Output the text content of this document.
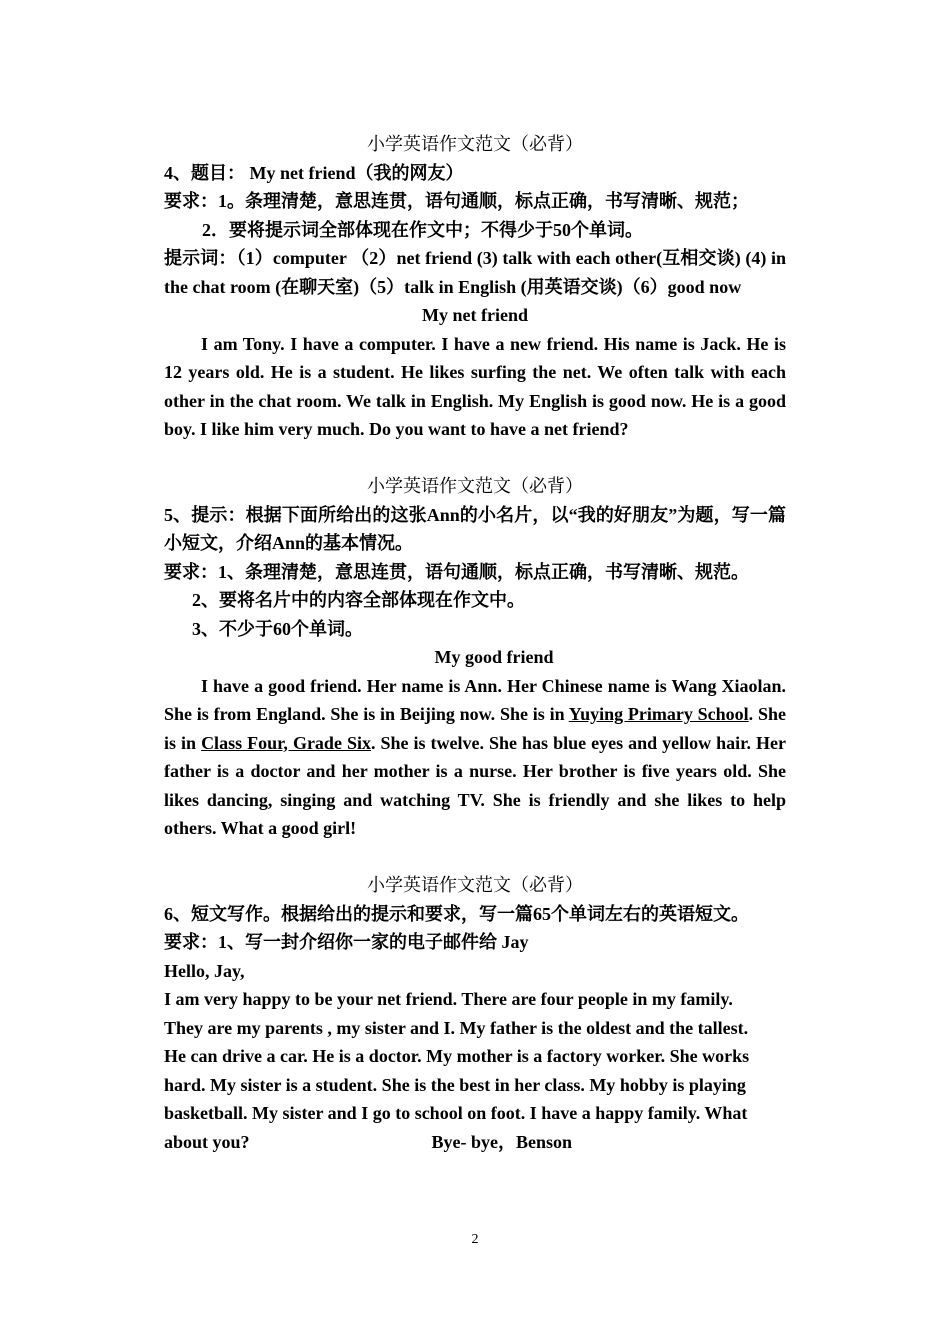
小学英语作文范文（必背）
4、题目： My net friend（我的网友）
要求：1。条理清楚，意思连贯，语句通顺，标点正确，书写清晰、规范；
2．要将提示词全部体现在作文中；不得少于50个单词。
提示词：（1）computer （2）net friend (3) talk with each other(互相交谈) (4) in the chat room (在聊天室)（5）talk in English (用英语交谈)（6）good now
My net friend
I am Tony. I have a computer. I have a new friend. His name is Jack. He is 12 years old. He is a student. He likes surfing the net. We often talk with each other in the chat room. We talk in English. My English is good now. He is a good boy. I like him very much. Do you want to have a net friend?
小学英语作文范文（必背）
5、提示：根据下面所给出的这张Ann的小名片，以“我的好朋友”为题，写一篇小短文，介绍Ann的基本情况。
要求：1、条理清楚，意思连贯，语句通顺，标点正确，书写清晰、规范。
2、要将名片中的内容全部体现在作文中。
3、不少于60个单词。
My good friend
I have a good friend. Her name is Ann. Her Chinese name is Wang Xiaolan. She is from England. She is in Beijing now. She is in Yuying Primary School. She is in Class Four, Grade Six. She is twelve. She has blue eyes and yellow hair. Her father is a doctor and her mother is a nurse. Her brother is five years old. She likes dancing, singing and watching TV. She is friendly and she likes to help others. What a good girl!
小学英语作文范文（必背）
6、短文写作。根据给出的提示和要求，写一篇65个单词左右的英语短文。
要求：1、写一封介绍你一家的电子邮件给 Jay
Hello, Jay,
I am very happy to be your net friend. There are four people in my family.
They are my parents , my sister and I. My father is the oldest and the tallest.
He can drive a car. He is a doctor. My mother is a factory worker. She works
hard. My sister is a student. She is the best in her class. My hobby is playing
basketball. My sister and I go to school on foot. I have a happy family. What
about you?	Bye- bye，Benson
2
